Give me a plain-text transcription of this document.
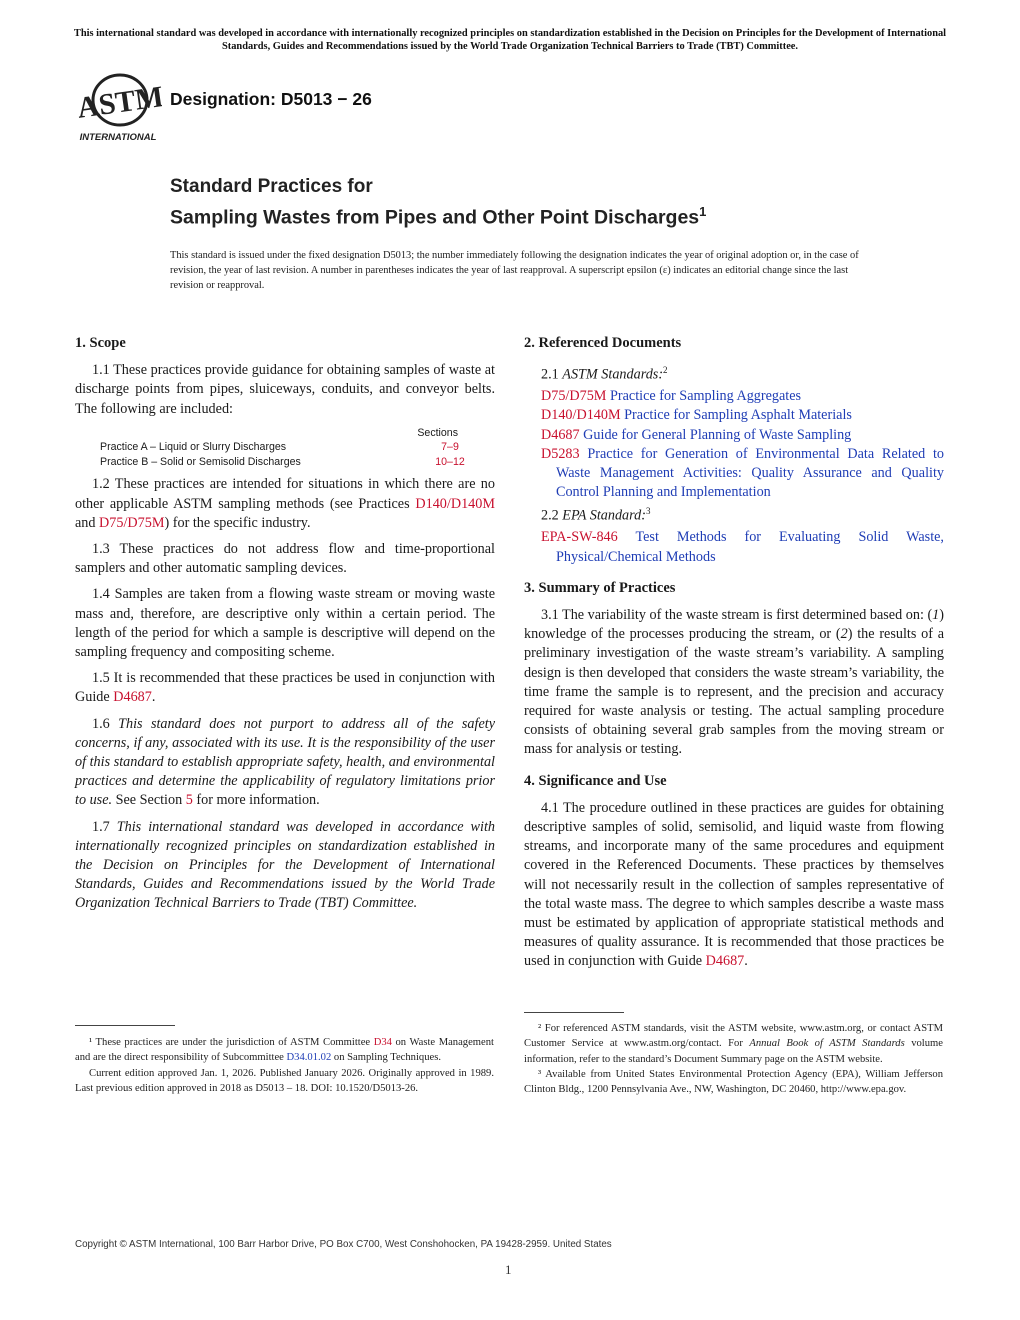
This international standard was developed in accordance with internationally recognized principles on standardization established in the Decision on Principles for the Development of International Standards, Guides and Recommendations issued by the World Trade Organization Technical Barriers to Trade (TBT) Committee.
ASTM
INTERNATIONAL
Designation: D5013 − 26
Standard Practices for
Sampling Wastes from Pipes and Other Point Discharges$^1$
This standard is issued under the fixed designation D5013; the number immediately following the designation indicates the year of original adoption or, in the case of revision, the year of last revision. A number in parentheses indicates the year of last reapproval. A superscript epsilon (ε) indicates an editorial change since the last revision or reapproval.
1. Scope

1.1 These practices provide guidance for obtaining samples of waste at discharge points from pipes, sluiceways, conduits, and conveyor belts. The following are included:

Sections
Practice A – Liquid or Slurry Discharges	7–9
Practice B – Solid or Semisolid Discharges	10–12

1.2 These practices are intended for situations in which there are no other applicable ASTM sampling methods (see Practices D140/D140M and D75/D75M) for the specific industry.

1.3 These practices do not address flow and time-proportional samplers and other automatic sampling devices.

1.4 Samples are taken from a flowing waste stream or moving waste mass and, therefore, are descriptive only within a certain period. The length of the period for which a sample is descriptive will depend on the sampling frequency and compositing scheme.

1.5 It is recommended that these practices be used in conjunction with Guide D4687.

1.6 This standard does not purport to address all of the safety concerns, if any, associated with its use. It is the responsibility of the user of this standard to establish appropriate safety, health, and environmental practices and determine the applicability of regulatory limitations prior to use. See Section 5 for more information.

1.7 This international standard was developed in accordance with internationally recognized principles on standardization established in the Decision on Principles for the Development of International Standards, Guides and Recommendations issued by the World Trade Organization Technical Barriers to Trade (TBT) Committee.

2. Referenced Documents
2.1 ASTM Standards:$^2$
D75/D75M Practice for Sampling Aggregates
D140/D140M Practice for Sampling Asphalt Materials
D4687 Guide for General Planning of Waste Sampling
D5283 Practice for Generation of Environmental Data Related to Waste Management Activities: Quality Assurance and Quality Control Planning and Implementation
2.2 EPA Standard:$^3$
EPA-SW-846 Test Methods for Evaluating Solid Waste, Physical/Chemical Methods
3. Summary of Practices

3.1 The variability of the waste stream is first determined based on: (1) knowledge of the processes producing the stream, or (2) the results of a preliminary investigation of the waste stream’s variability. A sampling design is then developed that considers the waste stream’s variability, the time frame the sample is to represent, and the precision and accuracy required for waste analysis or testing. The actual sampling procedure consists of obtaining several grab samples from the moving stream or mass for analysis or testing.

4. Significance and Use

4.1 The procedure outlined in these practices are guides for obtaining descriptive samples of solid, semisolid, and liquid waste from flowing streams, and incorporate many of the same procedures and equipment covered in the Referenced Documents. These practices by themselves will not necessarily result in the collection of samples representative of the total waste mass. The degree to which samples describe a waste mass must be estimated by application of appropriate statistical methods and measures of quality assurance. It is recommended that those practices be used in conjunction with Guide D4687.

¹ These practices are under the jurisdiction of ASTM Committee D34 on Waste Management and are the direct responsibility of Subcommittee D34.01.02 on Sampling Techniques.

Current edition approved Jan. 1, 2026. Published January 2026. Originally approved in 1989. Last previous edition approved in 2018 as D5013 – 18. DOI: 10.1520/D5013-26.

² For referenced ASTM standards, visit the ASTM website, www.astm.org, or contact ASTM Customer Service at www.astm.org/contact. For Annual Book of ASTM Standards volume information, refer to the standard’s Document Summary page on the ASTM website.

³ Available from United States Environmental Protection Agency (EPA), William Jefferson Clinton Bldg., 1200 Pennsylvania Ave., NW, Washington, DC 20460, http://www.epa.gov.

Copyright © ASTM International, 100 Barr Harbor Drive, PO Box C700, West Conshohocken, PA 19428-2959. United States
1
